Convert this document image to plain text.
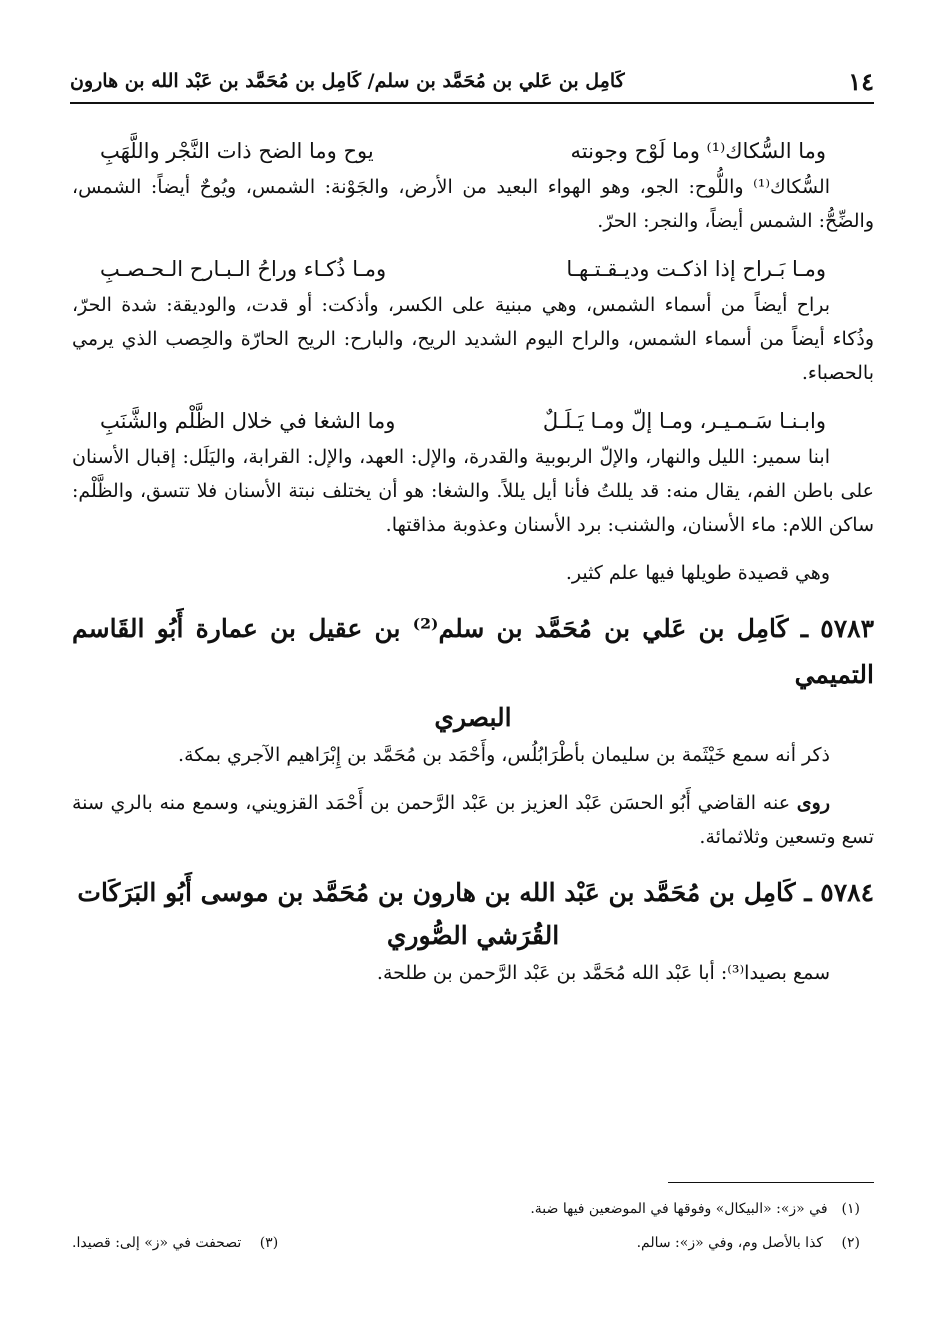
١٤
كَامِل بن عَلي بن مُحَمَّد بن سلم/ كَامِل بن مُحَمَّد بن عَبْد الله بن هارون
وما السُّكاك⁽¹⁾ وما لَوْح وجونته
يوح وما الضح ذات النَّجْر واللَّهَبِ

السُّكاك⁽¹⁾ واللُّوح: الجو، وهو الهواء البعيد من الأرض، والجَوْنة: الشمس، ويُوحٌ أيضاً: الشمس، والضِّحُّ: الشمس أيضاً، والنجر: الحرّ.

ومـا بَـراح إذا اذكـت وديـقـتـهـا
ومـا ذُكـاء وراحُ الـبـارح الـحـصـبِ

براح أيضاً من أسماء الشمس، وهي مبنية على الكسر، وأذكت: أو قدت، والوديقة: شدة الحرّ، وذُكاء أيضاً من أسماء الشمس، والراح اليوم الشديد الريح، والبارح: الريح الحارّة والحِصب الذي يرمي بالحصباء.

وابـنـا سَـمـيـر، ومـا إلّ ومـا يَـلَـلٌ
وما الشغا في خلال الظَّلْم والشَّنَبِ

ابنا سمير: الليل والنهار، والإلّ الربوبية والقدرة، والإل: العهد، والإل: القرابة، واليَلَل: إقبال الأسنان على باطن الفم، يقال منه: قد يللتُ فأنا أيل يللاً. والشغا: هو أن يختلف نبتة الأسنان فلا تتسق، والظَّلْم: ساكن اللام: ماء الأسنان، والشنب: برد الأسنان وعذوبة مذاقتها.

وهي قصيدة طويلها فيها علم كثير.

٥٧٨٣ ـ كَامِل بن عَلي بن مُحَمَّد بن سلم⁽²⁾ بن عقيل بن عمارة أَبُو القَاسم التميمي
البصري

ذكر أنه سمع خَيْثَمة بن سليمان بأطْرَابُلُس، وأَحْمَد بن مُحَمَّد بن إِبْرَاهيم الآجري بمكة.

روى عنه القاضي أَبُو الحسَن عَبْد العزيز بن عَبْد الرَّحمن بن أَحْمَد القزويني، وسمع منه بالري سنة تسع وتسعين وثلاثمائة.

٥٧٨٤ ـ كَامِل بن مُحَمَّد بن عَبْد الله بن هارون بن مُحَمَّد بن موسى أَبُو البَرَكَات
القُرَشي الصُّوري

سمع بصيدا⁽³⁾: أبا عَبْد الله مُحَمَّد بن عَبْد الرَّحمن بن طلحة.

(١)
في «ز»: «البيكال» وفوقها في الموضعين فيها ضبة.
(٢) كذا بالأصل وم، وفي «ز»: سالم.
(٣) تصحفت في «ز» إلى: قصيدا.
